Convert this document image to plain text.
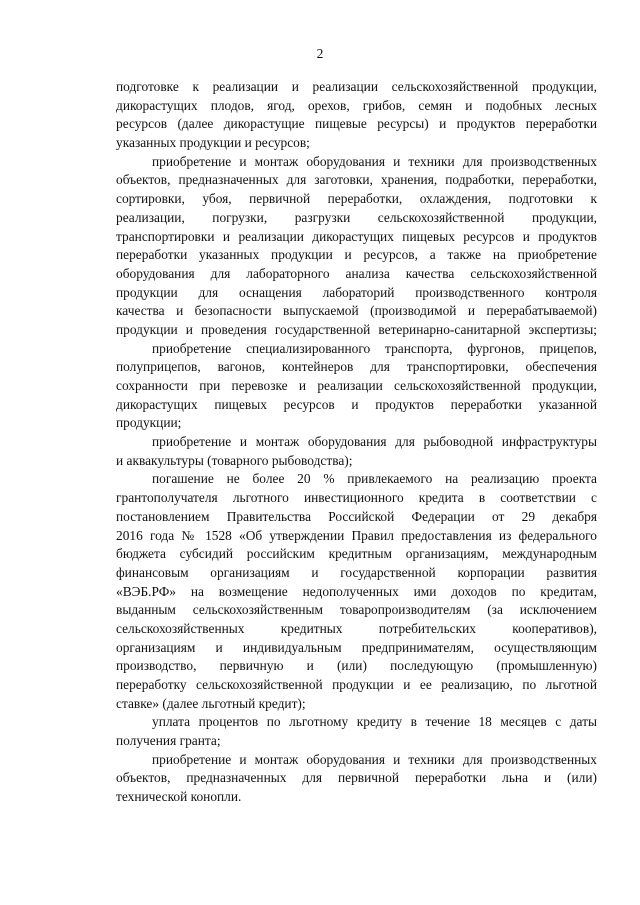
2
подготовке к реализации и реализации сельскохозяйственной продукции,
дикорастущих плодов, ягод, орехов, грибов, семян и подобных лесных
ресурсов (далее дикорастущие пищевые ресурсы) и продуктов переработки
указанных продукции и ресурсов;
приобретение и монтаж оборудования и техники для производственных
объектов, предназначенных для заготовки, хранения, подработки, переработки,
сортировки, убоя, первичной переработки, охлаждения, подготовки к
реализации, погрузки, разгрузки сельскохозяйственной продукции,
транспортировки и реализации дикорастущих пищевых ресурсов и продуктов
переработки указанных продукции и ресурсов, а также на приобретение
оборудования для лабораторного анализа качества сельскохозяйственной
продукции для оснащения лабораторий производственного контроля
качества и безопасности выпускаемой (производимой и перерабатываемой)
продукции и проведения государственной ветеринарно-санитарной экспертизы;
приобретение специализированного транспорта, фургонов, прицепов,
полуприцепов, вагонов, контейнеров для транспортировки, обеспечения
сохранности при перевозке и реализации сельскохозяйственной продукции,
дикорастущих пищевых ресурсов и продуктов переработки указанной
продукции;
приобретение и монтаж оборудования для рыбоводной инфраструктуры
и аквакультуры (товарного рыбоводства);
погашение не более 20 % привлекаемого на реализацию проекта
грантополучателя льготного инвестиционного кредита в соответствии с
постановлением Правительства Российской Федерации от 29 декабря
2016 года № 1528 «Об утверждении Правил предоставления из федерального
бюджета субсидий российским кредитным организациям, международным
финансовым организациям и государственной корпорации развития
«ВЭБ.РФ» на возмещение недополученных ими доходов по кредитам,
выданным сельскохозяйственным товаропроизводителям (за исключением
сельскохозяйственных кредитных потребительских кооперативов),
организациям и индивидуальным предпринимателям, осуществляющим
производство, первичную и (или) последующую (промышленную)
переработку сельскохозяйственной продукции и ее реализацию, по льготной
ставке» (далее льготный кредит);
уплата процентов по льготному кредиту в течение 18 месяцев с даты
получения гранта;
приобретение и монтаж оборудования и техники для производственных
объектов, предназначенных для первичной переработки льна и (или)
технической конопли.
